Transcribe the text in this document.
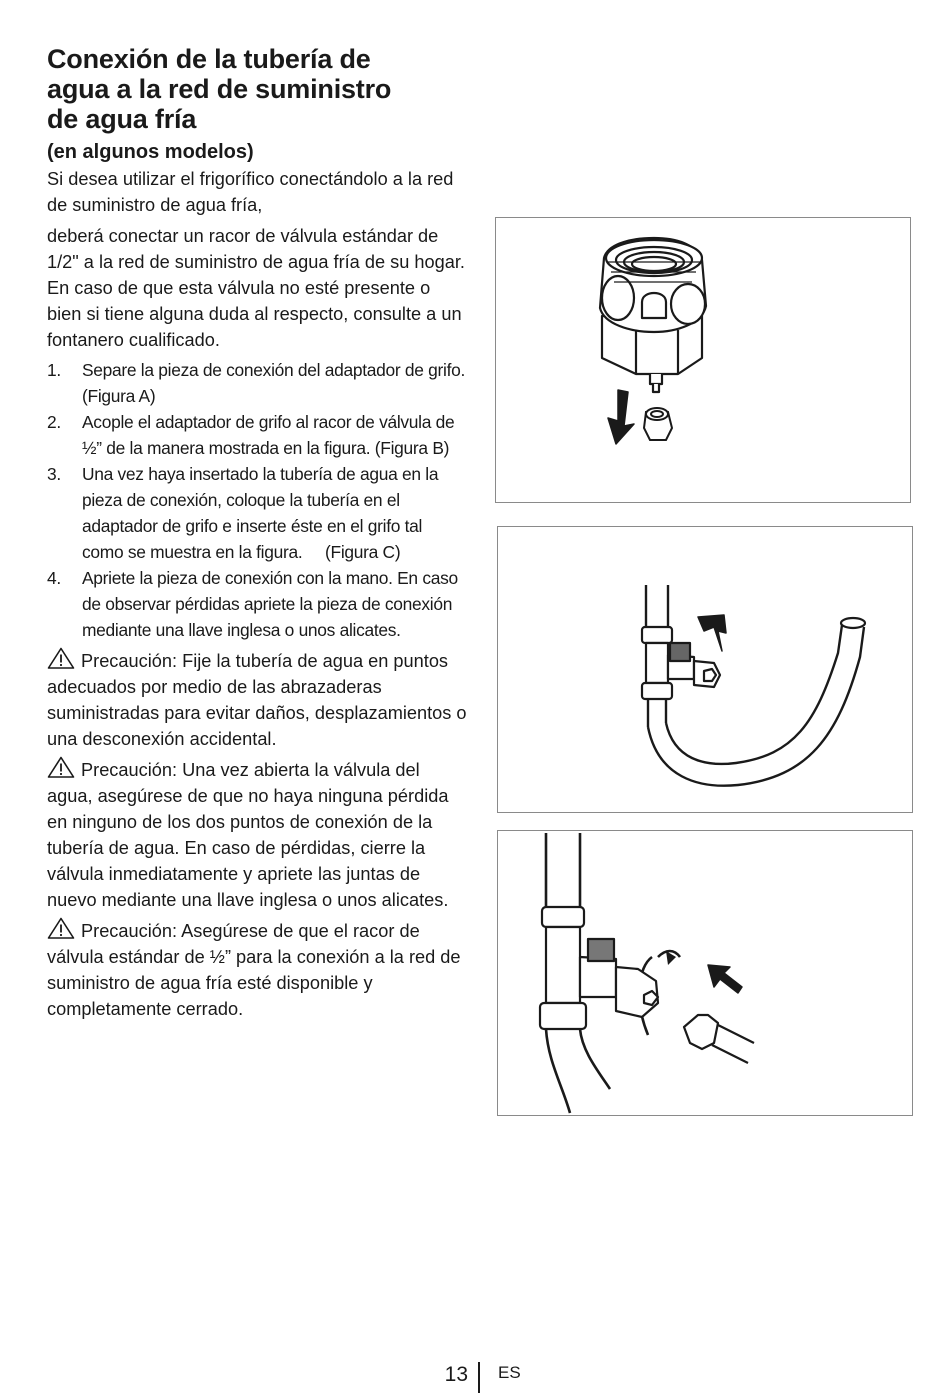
Conexión de la tubería de
agua a la red de suministro
de agua fría
(en algunos modelos)

Si desea utilizar el frigorífico conectándolo a la red de suministro de agua fría,

deberá conectar un racor de válvula estándar de 1/2" a la red de suministro de agua fría de su hogar. En caso de que esta válvula no esté presente o bien si tiene alguna duda al respecto, consulte a un fontanero cualificado.

1. Separe la pieza de conexión del adaptador de grifo. (Figura A)
2. Acople el adaptador de grifo al racor de válvula de ½” de la manera mostrada en la figura. (Figura B)
3. Una vez haya insertado la tubería de agua en la pieza de conexión, coloque la tubería en el adaptador de grifo e inserte éste en el grifo tal como se muestra en la figura.     (Figura C)
4. Apriete la pieza de conexión con la mano. En caso de observar pérdidas apriete la pieza de conexión mediante una llave inglesa o unos alicates.

Precaución: Fije la tubería de agua en puntos adecuados por medio de las abrazaderas suministradas para evitar daños, desplazamientos o una desconexión accidental.

Precaución: Una vez abierta la válvula del agua, asegúrese de que no haya ninguna pérdida en ninguno de los dos puntos de conexión de la tubería de agua. En caso de pérdidas, cierre la válvula inmediatamente y apriete las juntas de nuevo mediante una llave inglesa o unos alicates.

Precaución: Asegúrese de que el racor de válvula estándar de ½” para la conexión a la red de suministro de agua fría esté disponible y completamente cerrado.

13 ES
